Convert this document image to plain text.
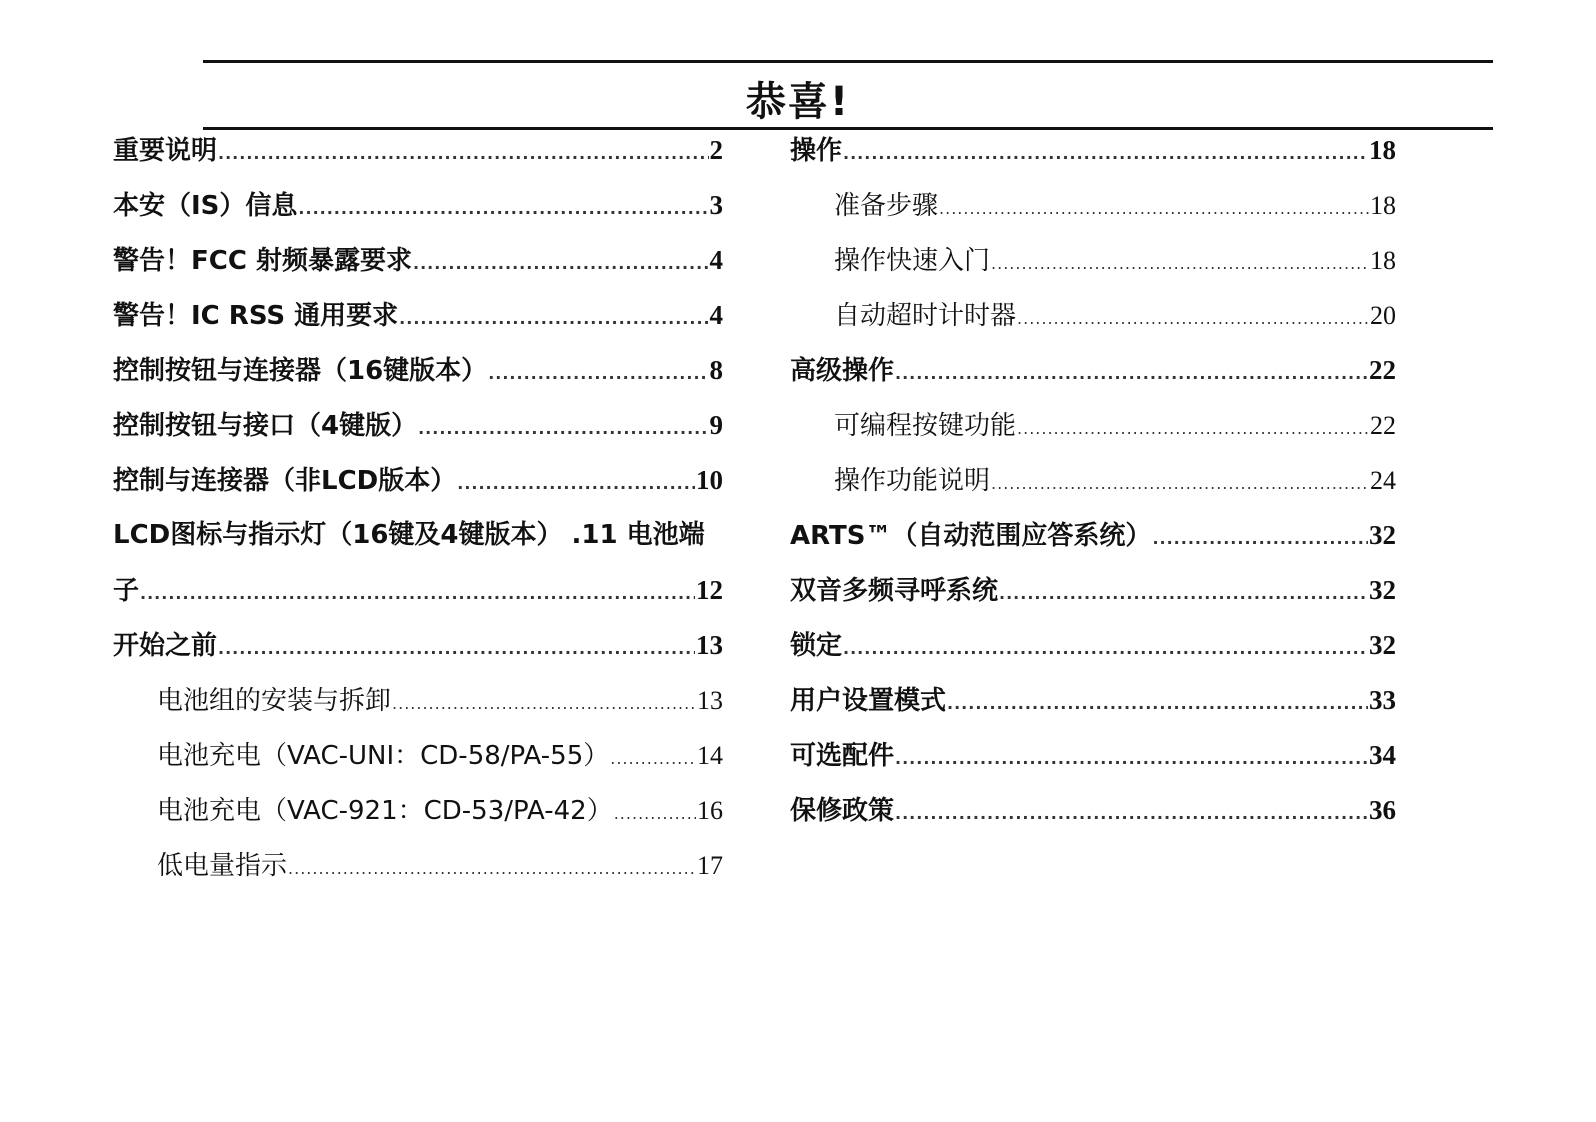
恭喜!
重要说明 .....	2
本安（IS）信息 .....	3
警告！FCC 射频暴露要求 .....	4
警告！IC RSS 通用要求 .....	4
控制按钮与连接器（16键版本） .....	8
控制按钮与接口（4键版） .....	9
控制与连接器（非LCD版本） .....	10
LCD图标与指示灯（16键及4键版本） .11 电池端
子 .....	12
开始之前 .....	13
电池组的安装与拆卸 .....	13
电池充电（VAC-UNI：CD-58/PA-55） .....	14
电池充电（VAC-921：CD-53/PA-42） .....	16
低电量指示 .....	17
操作 .....	18
准备步骤 .....	18
操作快速入门 .....	18
自动超时计时器 .....	20
高级操作 .....	22
可编程按键功能 .....	22
操作功能说明 .....	24
ARTS™（自动范围应答系统） .....	32
双音多频寻呼系统 .....	32
锁定 .....	32
用户设置模式 .....	33
可选配件 .....	34
保修政策 .....	36
